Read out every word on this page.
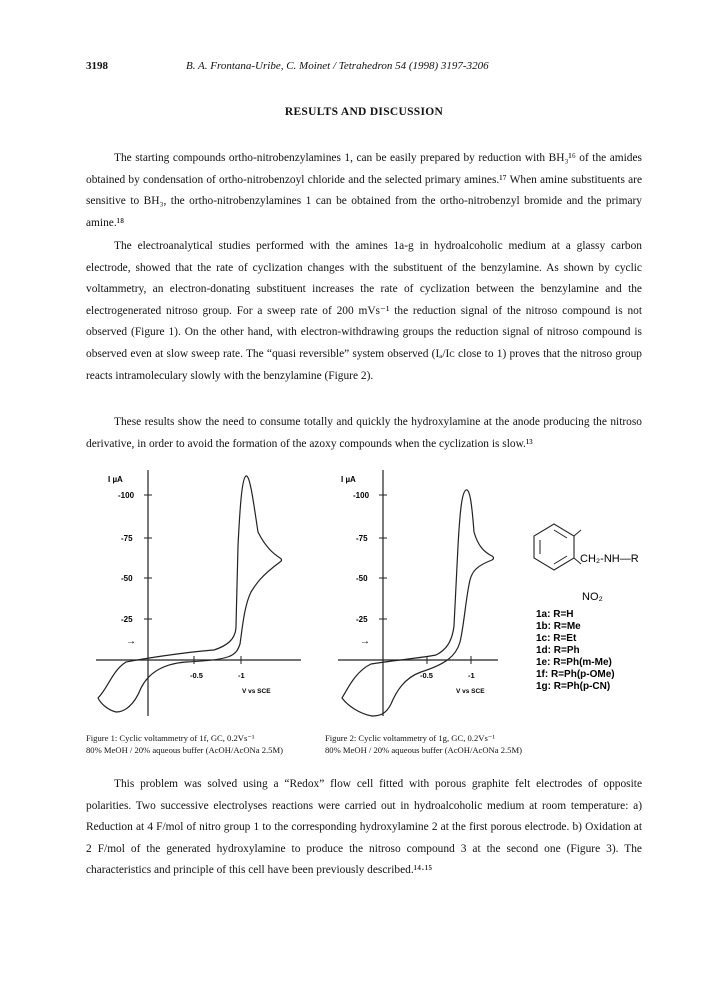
3198	B. A. Frontana-Uribe, C. Moinet / Tetrahedron 54 (1998) 3197-3206
RESULTS AND DISCUSSION

The starting compounds ortho-nitrobenzylamines 1, can be easily prepared by reduction with BH₃¹⁶ of the amides obtained by condensation of ortho-nitrobenzoyl chloride and the selected primary amines.¹⁷ When amine substituents are sensitive to BH₃, the ortho-nitrobenzylamines 1 can be obtained from the ortho-nitrobenzyl bromide and the primary amine.¹⁸

The electroanalytical studies performed with the amines 1a-g in hydroalcoholic medium at a glassy carbon electrode, showed that the rate of cyclization changes with the substituent of the benzylamine. As shown by cyclic voltammetry, an electron-donating substituent increases the rate of cyclization between the benzylamine and the electrogenerated nitroso group. For a sweep rate of 200 mVs⁻¹ the reduction signal of the nitroso compound is not observed (Figure 1). On the other hand, with electron-withdrawing groups the reduction signal of nitroso compound is observed even at slow sweep rate. The “quasi reversible” system observed (Iₐ/Iᴄ close to 1) proves that the nitroso group reacts intramoleculary slowly with the benzylamine (Figure 2).

These results show the need to consume totally and quickly the hydroxylamine at the anode producing the nitroso derivative, in order to avoid the formation of the azoxy compounds when the cyclization is slow.¹³

I µA
-100
-75
-50
-25
-0.5	-1
V vs SCE
→
I µA
-100
-75
-50
-25
-0.5	-1
V vs SCE
→
CH₂-NH—R
NO₂
1a: R=H
1b: R=Me
1c: R=Et
1d: R=Ph
1e: R=Ph(m-Me)
1f: R=Ph(p-OMe)
1g: R=Ph(p-CN)
Figure 1: Cyclic voltammetry of 1f, GC, 0.2Vs⁻¹
80% MeOH / 20% aqueous buffer (AcOH/AcONa 2.5M)
Figure 2: Cyclic voltammetry of 1g, GC, 0.2Vs⁻¹
80% MeOH / 20% aqueous buffer (AcOH/AcONa 2.5M)

This problem was solved using a “Redox” flow cell fitted with porous graphite felt electrodes of opposite polarities. Two successive electrolyses reactions were carried out in hydroalcoholic medium at room temperature: a) Reduction at 4 F/mol of nitro group 1 to the corresponding hydroxylamine 2 at the first porous electrode. b) Oxidation at 2 F/mol of the generated hydroxylamine to produce the nitroso compound 3 at the second one (Figure 3). The characteristics and principle of this cell have been previously described.¹⁴·¹⁵
